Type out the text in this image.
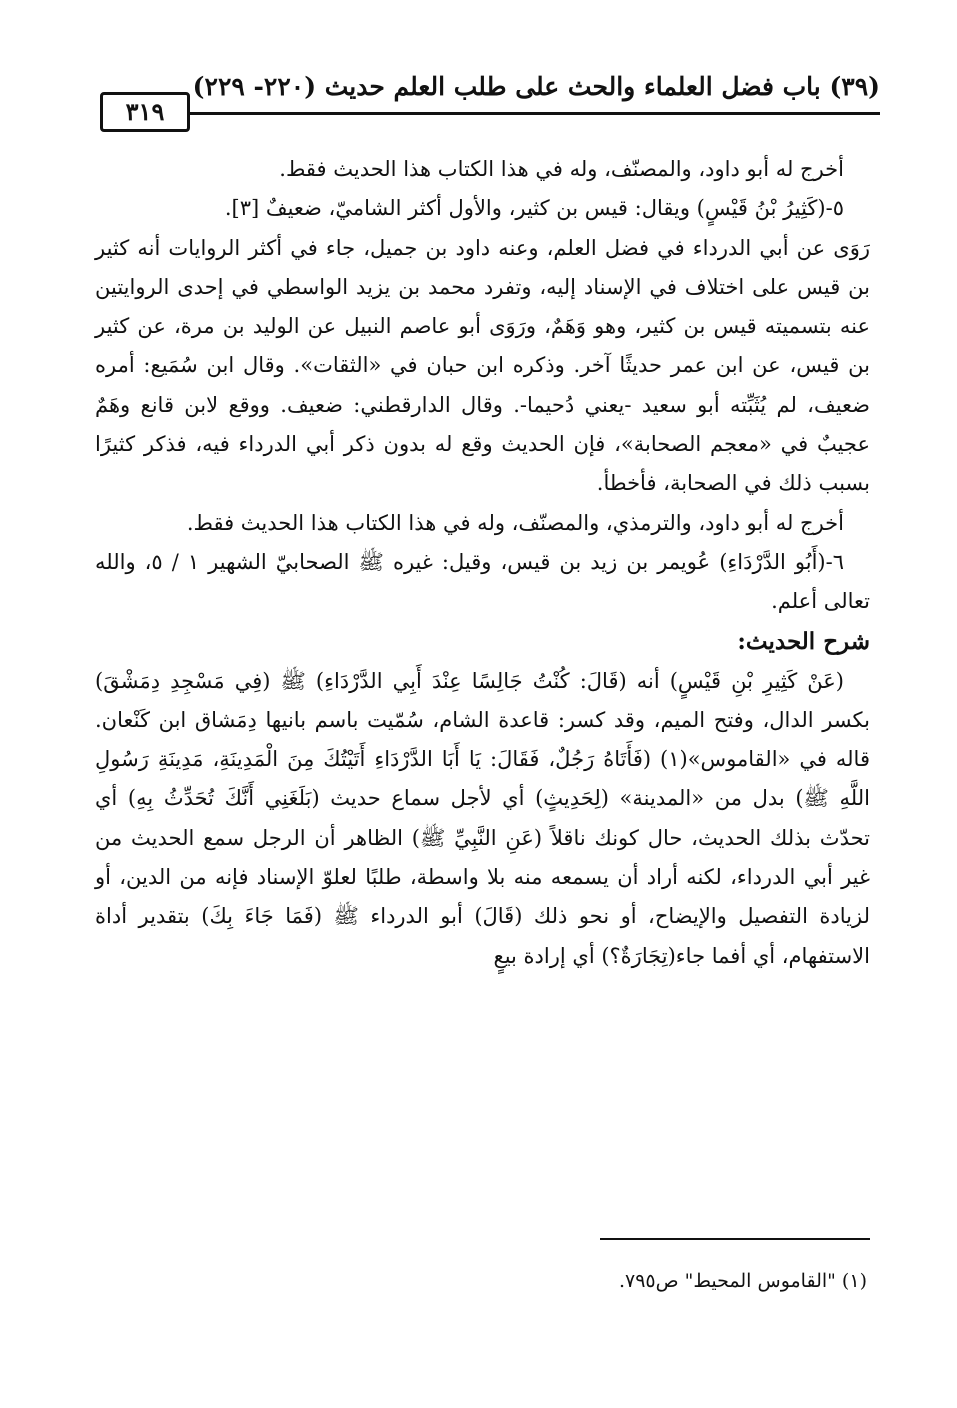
(٣٩) باب فضل العلماء والحث على طلب العلم حديث (٢٢٠- ٢٢٩)
٣١٩

أخرج له أبو داود، والمصنّف، وله في هذا الكتاب هذا الحديث فقط.

٥-(كَثِيرُ بْنُ قَيْسٍ) ويقال: قيس بن كثير، والأول أكثر الشاميّ، ضعيفٌ [٣].

رَوَى عن أبي الدرداء في فضل العلم، وعنه داود بن جميل، جاء في أكثر الروايات أنه كثير بن قيس على اختلاف في الإسناد إليه، وتفرد محمد بن يزيد الواسطي في إحدى الروايتين عنه بتسميته قيس بن كثير، وهو وَهَمٌ، ورَوَى أبو عاصم النبيل عن الوليد بن مرة، عن كثير بن قيس، عن ابن عمر حديثًا آخر. وذكره ابن حبان في «الثقات». وقال ابن سُمَيع: أمره ضعيف، لم يُثَبِّته أبو سعيد -يعني دُحيما-. وقال الدارقطني: ضعيف. ووقع لابن قانع وهَمٌ عجيبٌ في «معجم الصحابة»، فإن الحديث وقع له بدون ذكر أبي الدرداء فيه، فذكر كثيرًا بسبب ذلك في الصحابة، فأخطأ.

أخرج له أبو داود، والترمذي، والمصنّف، وله في هذا الكتاب هذا الحديث فقط.

٦-(أَبُو الدَّرْدَاءِ) عُويمر بن زيد بن قيس، وقيل: غيره ﷺ الصحابيّ الشهير ١ / ٥، والله تعالى أعلم.

شرح الحديث:

(عَنْ كَثِيرِ بْنِ قَيْسٍ) أنه (قَالَ: كُنْتُ جَالِسًا عِنْدَ أَبِي الدَّرْدَاءِ) ﷺ (فِي مَسْجِدِ دِمَشْقَ) بكسر الدال، وفتح الميم، وقد كسر: قاعدة الشام، سُمّيت باسم بانيها دِمَشاق ابن كَنْعان. قاله في «القاموس»(١) (فَأَتَاهُ رَجُلٌ، فَقَالَ: يَا أَبَا الدَّرْدَاءِ أَتَيْتُكَ مِنَ الْمَدِينَةِ، مَدِينَةِ رَسُولِ اللَّهِ ﷺ) بدل من «المدينة» (لِحَدِيثٍ) أي لأجل سماع حديث (بَلَغَنِي أَنَّكَ تُحَدِّثُ بِهِ) أي تحدّث بذلك الحديث، حال كونك ناقلاً (عَنِ النَّبِيِّ ﷺ) الظاهر أن الرجل سمع الحديث من غير أبي الدرداء، لكنه أراد أن يسمعه منه بلا واسطة، طلبًا لعلوّ الإسناد فإنه من الدين، أو لزيادة التفصيل والإيضاح، أو نحو ذلك (قَالَ) أبو الدرداء ﷺ (فَمَا جَاءَ بِكَ) بتقدير أداة الاستفهام، أي أفما جاء(تِجَارَةٌ؟) أي إرادة بيعٍ

(١) "القاموس المحيط" ص٧٩٥.
